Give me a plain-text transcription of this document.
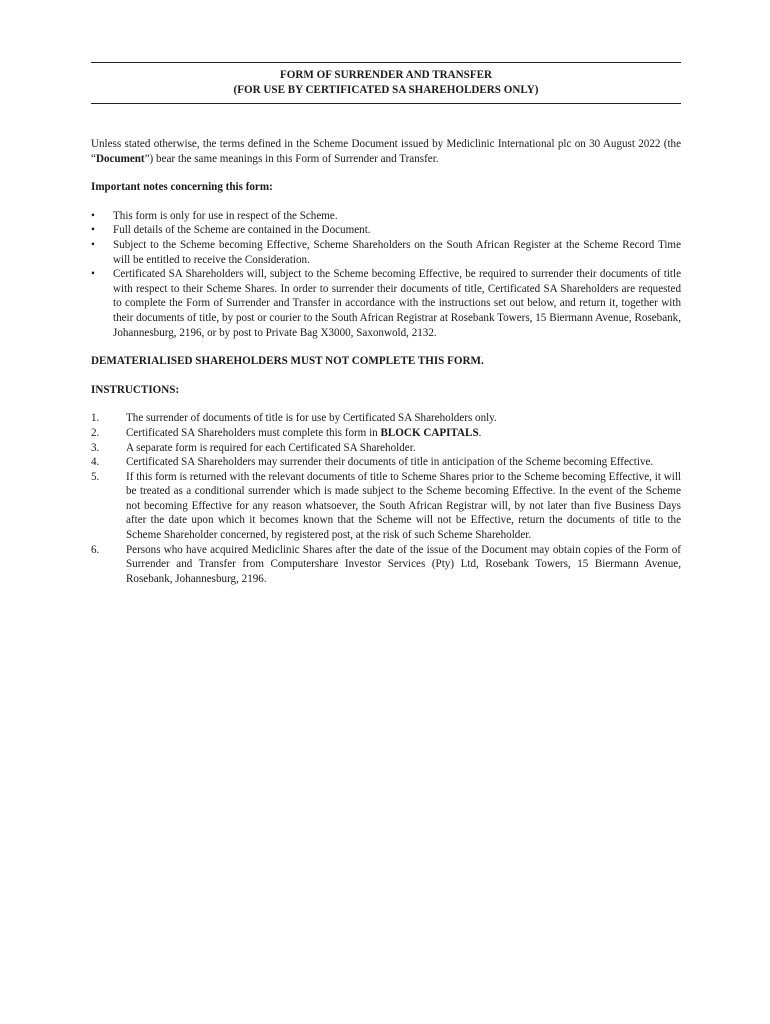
FORM OF SURRENDER AND TRANSFER
(FOR USE BY CERTIFICATED SA SHAREHOLDERS ONLY)

Unless stated otherwise, the terms defined in the Scheme Document issued by Mediclinic International plc on 30 August 2022 (the “Document”) bear the same meanings in this Form of Surrender and Transfer.

Important notes concerning this form:
• This form is only for use in respect of the Scheme.
• Full details of the Scheme are contained in the Document.
• Subject to the Scheme becoming Effective, Scheme Shareholders on the South African Register at the Scheme Record Time will be entitled to receive the Consideration.
• Certificated SA Shareholders will, subject to the Scheme becoming Effective, be required to surrender their documents of title with respect to their Scheme Shares. In order to surrender their documents of title, Certificated SA Shareholders are requested to complete the Form of Surrender and Transfer in accordance with the instructions set out below, and return it, together with their documents of title, by post or courier to the South African Registrar at Rosebank Towers, 15 Biermann Avenue, Rosebank, Johannesburg, 2196, or by post to Private Bag X3000, Saxonwold, 2132.
DEMATERIALISED SHAREHOLDERS MUST NOT COMPLETE THIS FORM.
INSTRUCTIONS:
1. The surrender of documents of title is for use by Certificated SA Shareholders only.
2. Certificated SA Shareholders must complete this form in BLOCK CAPITALS.
3. A separate form is required for each Certificated SA Shareholder.
4. Certificated SA Shareholders may surrender their documents of title in anticipation of the Scheme becoming Effective.
5. If this form is returned with the relevant documents of title to Scheme Shares prior to the Scheme becoming Effective, it will be treated as a conditional surrender which is made subject to the Scheme becoming Effective. In the event of the Scheme not becoming Effective for any reason whatsoever, the South African Registrar will, by not later than five Business Days after the date upon which it becomes known that the Scheme will not be Effective, return the documents of title to the Scheme Shareholder concerned, by registered post, at the risk of such Scheme Shareholder.
6. Persons who have acquired Mediclinic Shares after the date of the issue of the Document may obtain copies of the Form of Surrender and Transfer from Computershare Investor Services (Pty) Ltd, Rosebank Towers, 15 Biermann Avenue, Rosebank, Johannesburg, 2196.
